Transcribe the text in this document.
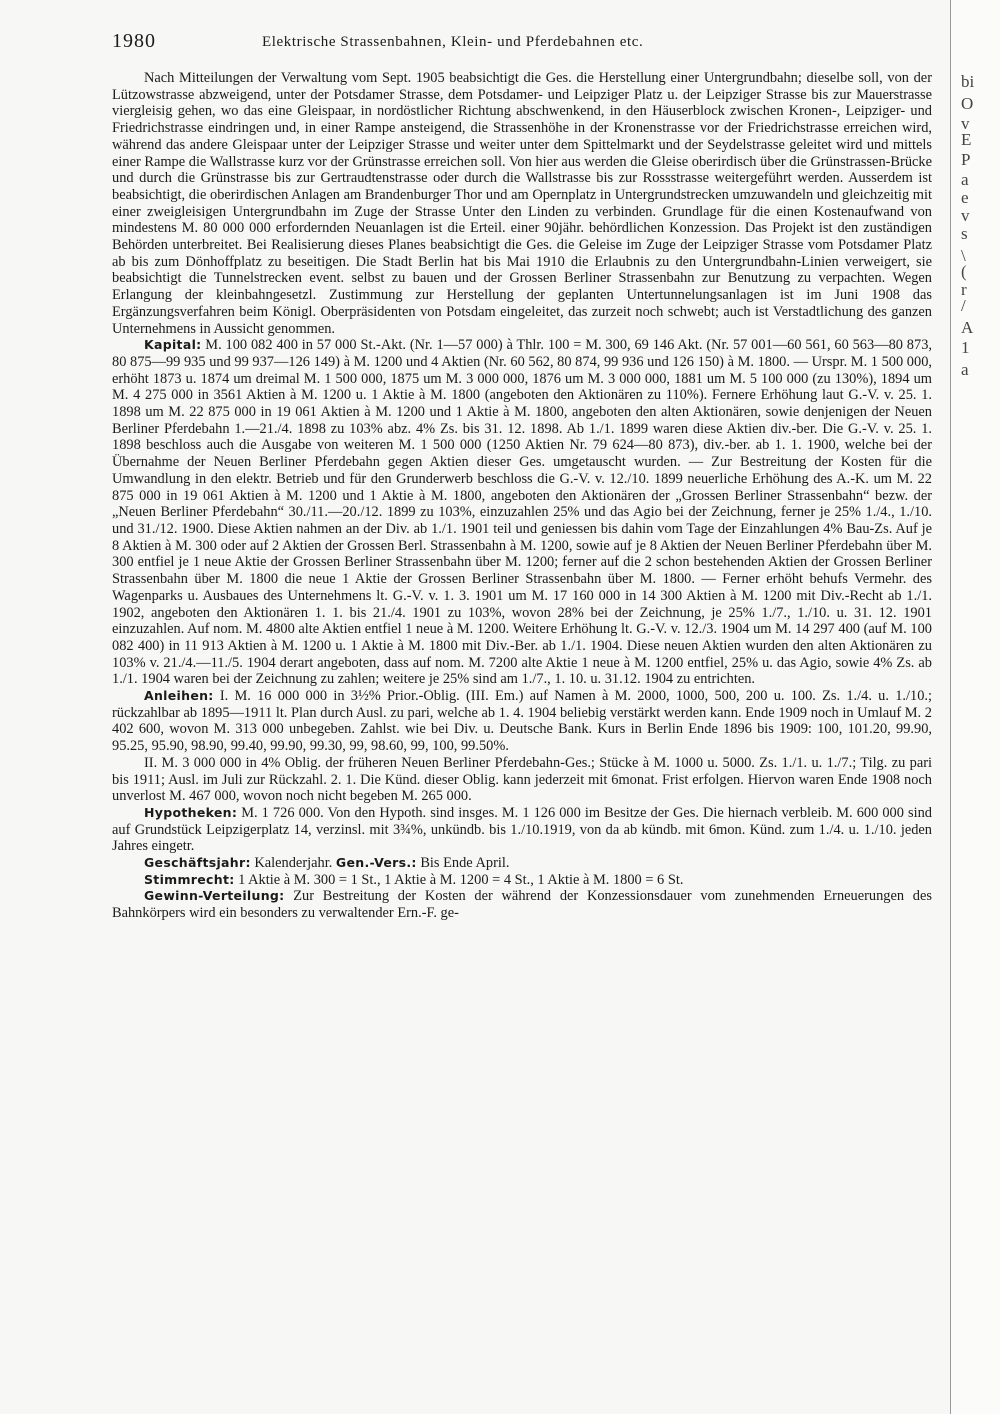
1980	Elektrische Strassenbahnen, Klein- und Pferdebahnen etc.

Nach Mitteilungen der Verwaltung vom Sept. 1905 beabsichtigt die Ges. die Herstellung einer Untergrundbahn; dieselbe soll, von der Lützowstrasse abzweigend, unter der Potsdamer Strasse, dem Potsdamer- und Leipziger Platz u. der Leipziger Strasse bis zur Mauerstrasse viergleisig gehen, wo das eine Gleispaar, in nordöstlicher Richtung abschwenkend, in den Häuserblock zwischen Kronen-, Leipziger- und Friedrichstrasse eindringen und, in einer Rampe ansteigend, die Strassenhöhe in der Kronenstrasse vor der Friedrichstrasse erreichen wird, während das andere Gleispaar unter der Leipziger Strasse und weiter unter dem Spittelmarkt und der Seydelstrasse geleitet wird und mittels einer Rampe die Wallstrasse kurz vor der Grünstrasse erreichen soll. Von hier aus werden die Gleise oberirdisch über die Grünstrassen-Brücke und durch die Grünstrasse bis zur Gertraudtenstrasse oder durch die Wallstrasse bis zur Rossstrasse weitergeführt werden. Ausserdem ist beabsichtigt, die oberirdischen Anlagen am Brandenburger Thor und am Opernplatz in Untergrundstrecken umzuwandeln und gleichzeitig mit einer zweigleisigen Untergrundbahn im Zuge der Strasse Unter den Linden zu verbinden. Grundlage für die einen Kostenaufwand von mindestens M. 80 000 000 erfordernden Neuanlagen ist die Erteil. einer 90jähr. behördlichen Konzession. Das Projekt ist den zuständigen Behörden unterbreitet. Bei Realisierung dieses Planes beabsichtigt die Ges. die Geleise im Zuge der Leipziger Strasse vom Potsdamer Platz ab bis zum Dönhoffplatz zu beseitigen. Die Stadt Berlin hat bis Mai 1910 die Erlaubnis zu den Untergrundbahn-Linien verweigert, sie beabsichtigt die Tunnelstrecken event. selbst zu bauen und der Grossen Berliner Strassenbahn zur Benutzung zu verpachten. Wegen Erlangung der kleinbahngesetzl. Zustimmung zur Herstellung der geplanten Untertunnelungsanlagen ist im Juni 1908 das Ergänzungsverfahren beim Königl. Oberpräsidenten von Potsdam eingeleitet, das zurzeit noch schwebt; auch ist Verstadtlichung des ganzen Unternehmens in Aussicht genommen.

Kapital: M. 100 082 400 in 57 000 St.-Akt. (Nr. 1—57 000) à Thlr. 100 = M. 300, 69 146 Akt. (Nr. 57 001—60 561, 60 563—80 873, 80 875—99 935 und 99 937—126 149) à M. 1200 und 4 Aktien (Nr. 60 562, 80 874, 99 936 und 126 150) à M. 1800. — Urspr. M. 1 500 000, erhöht 1873 u. 1874 um dreimal M. 1 500 000, 1875 um M. 3 000 000, 1876 um M. 3 000 000, 1881 um M. 5 100 000 (zu 130%), 1894 um M. 4 275 000 in 3561 Aktien à M. 1200 u. 1 Aktie à M. 1800 (angeboten den Aktionären zu 110%). Fernere Erhöhung laut G.-V. v. 25. 1. 1898 um M. 22 875 000 in 19 061 Aktien à M. 1200 und 1 Aktie à M. 1800, angeboten den alten Aktionären, sowie denjenigen der Neuen Berliner Pferdebahn 1.—21./4. 1898 zu 103% abz. 4% Zs. bis 31. 12. 1898. Ab 1./1. 1899 waren diese Aktien div.-ber. Die G.-V. v. 25. 1. 1898 beschloss auch die Ausgabe von weiteren M. 1 500 000 (1250 Aktien Nr. 79 624—80 873), div.-ber. ab 1. 1. 1900, welche bei der Übernahme der Neuen Berliner Pferdebahn gegen Aktien dieser Ges. umgetauscht wurden. — Zur Bestreitung der Kosten für die Umwandlung in den elektr. Betrieb und für den Grunderwerb beschloss die G.-V. v. 12./10. 1899 neuerliche Erhöhung des A.-K. um M. 22 875 000 in 19 061 Aktien à M. 1200 und 1 Aktie à M. 1800, angeboten den Aktionären der „Grossen Berliner Strassenbahn“ bezw. der „Neuen Berliner Pferdebahn“ 30./11.—20./12. 1899 zu 103%, einzuzahlen 25% und das Agio bei der Zeichnung, ferner je 25% 1./4., 1./10. und 31./12. 1900. Diese Aktien nahmen an der Div. ab 1./1. 1901 teil und geniessen bis dahin vom Tage der Einzahlungen 4% Bau-Zs. Auf je 8 Aktien à M. 300 oder auf 2 Aktien der Grossen Berl. Strassenbahn à M. 1200, sowie auf je 8 Aktien der Neuen Berliner Pferdebahn über M. 300 entfiel je 1 neue Aktie der Grossen Berliner Strassenbahn über M. 1200; ferner auf die 2 schon bestehenden Aktien der Grossen Berliner Strassenbahn über M. 1800 die neue 1 Aktie der Grossen Berliner Strassenbahn über M. 1800. — Ferner erhöht behufs Vermehr. des Wagenparks u. Ausbaues des Unternehmens lt. G.-V. v. 1. 3. 1901 um M. 17 160 000 in 14 300 Aktien à M. 1200 mit Div.-Recht ab 1./1. 1902, angeboten den Aktionären 1. 1. bis 21./4. 1901 zu 103%, wovon 28% bei der Zeichnung, je 25% 1./7., 1./10. u. 31. 12. 1901 einzuzahlen. Auf nom. M. 4800 alte Aktien entfiel 1 neue à M. 1200. Weitere Erhöhung lt. G.-V. v. 12./3. 1904 um M. 14 297 400 (auf M. 100 082 400) in 11 913 Aktien à M. 1200 u. 1 Aktie à M. 1800 mit Div.-Ber. ab 1./1. 1904. Diese neuen Aktien wurden den alten Aktionären zu 103% v. 21./4.—11./5. 1904 derart angeboten, dass auf nom. M. 7200 alte Aktie 1 neue à M. 1200 entfiel, 25% u. das Agio, sowie 4% Zs. ab 1./1. 1904 waren bei der Zeichnung zu zahlen; weitere je 25% sind am 1./7., 1. 10. u. 31.12. 1904 zu entrichten.

Anleihen: I. M. 16 000 000 in 3½% Prior.-Oblig. (III. Em.) auf Namen à M. 2000, 1000, 500, 200 u. 100. Zs. 1./4. u. 1./10.; rückzahlbar ab 1895—1911 lt. Plan durch Ausl. zu pari, welche ab 1. 4. 1904 beliebig verstärkt werden kann. Ende 1909 noch in Umlauf M. 2 402 600, wovon M. 313 000 unbegeben. Zahlst. wie bei Div. u. Deutsche Bank. Kurs in Berlin Ende 1896 bis 1909: 100, 101.20, 99.90, 95.25, 95.90, 98.90, 99.40, 99.90, 99.30, 99, 98.60, 99, 100, 99.50%.

II. M. 3 000 000 in 4% Oblig. der früheren Neuen Berliner Pferdebahn-Ges.; Stücke à M. 1000 u. 5000. Zs. 1./1. u. 1./7.; Tilg. zu pari bis 1911; Ausl. im Juli zur Rückzahl. 2. 1. Die Künd. dieser Oblig. kann jederzeit mit 6monat. Frist erfolgen. Hiervon waren Ende 1908 noch unverlost M. 467 000, wovon noch nicht begeben M. 265 000.

Hypotheken: M. 1 726 000. Von den Hypoth. sind insges. M. 1 126 000 im Besitze der Ges. Die hiernach verbleib. M. 600 000 sind auf Grundstück Leipzigerplatz 14, verzinsl. mit 3¾%, unkündb. bis 1./10.1919, von da ab kündb. mit 6mon. Künd. zum 1./4. u. 1./10. jeden Jahres eingetr.

Geschäftsjahr: Kalenderjahr. Gen.-Vers.: Bis Ende April.

Stimmrecht: 1 Aktie à M. 300 = 1 St., 1 Aktie à M. 1200 = 4 St., 1 Aktie à M. 1800 = 6 St.

Gewinn-Verteilung: Zur Bestreitung der Kosten der während der Konzessionsdauer vom zunehmenden Erneuerungen des Bahnkörpers wird ein besonders zu verwaltender Ern.-F. ge-

bi
O
v
E
P
a
e
v
s
\
(
r
/
A
1
a
